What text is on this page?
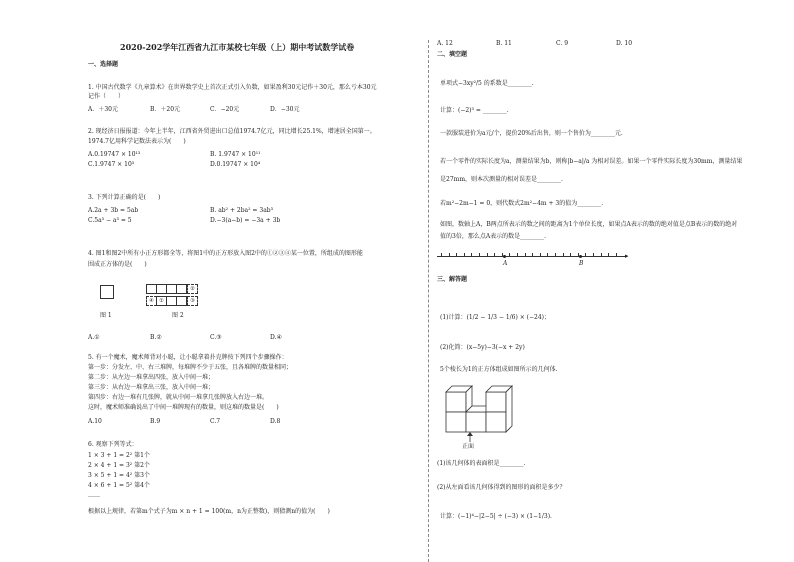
2020-202学年江西省九江市某校七年级（上）期中考试数学试卷
一、选择题
1. 中国古代数学《九章算术》在世界数学史上首次正式引入负数，如果盈利30元记作＋30元，那么亏本30元
记作（　　）
A．＋30元	B．＋20元	C．−20元	D．−30元
2. 现经济日报报道：今年上半年，江西省外贸进出口总值1974.7亿元，同比增长25.1%，增速居全国第一。
1974.7亿用科学记数法表示为(　　)
A.0.19747 × 10¹³	B. 1.9747 × 10¹¹
C.1.9747 × 10³	D.0.19747 × 10⁴
3. 下列计算正确的是(　　)
A.2a + 3b = 5ab	B. ab² + 2ba² = 3ab³
C.5a³ − a³ = 5	D.−3(a−b) = −3a + 3b
4. 图1和图2中所有小正方形都全等，将图1中的正方形放入图2中的①②③④某一位置，所组成的图形能
围成正方体的是(　　)
图 1
②
④	①	③
图 2
A.①	B.②	C.③	D.④
5. 有一个魔术，魔术师背对小聪，让小聪拿着扑克牌按下列四个步骤操作：
第一步：分发左、中、右三堆牌，每堆牌不少于五张，且各堆牌的数量相同；
第二步：从左边一堆拿出四张，放入中间一堆；
第三步：从右边一堆拿出三张，放入中间一堆；
第四步：右边一堆有几张牌，就从中间一堆拿几张牌放入右边一堆。
这时，魔术师准确说出了中间一堆牌现有的数量，则这堆的数量是(　　)
A.10	B.9	C.7	D.8
6. 观察下列等式：
1 × 3 + 1 = 2² 第1个
2 × 4 + 1 = 3² 第2个
3 × 5 + 1 = 4² 第3个
4 × 6 + 1 = 5² 第4个
……
根据以上规律，若第m个式子为m × n + 1 = 100(m，n为正整数)，则猜测n的值为(　　)
A. 12	B. 11	C. 9	D. 10
二、填空题
单项式−3xy²/5 的系数是________.
计算：(−2)³ = ________.
一款服装进价为a元/个，提价20%后出售，则一个售价为________元.
若一个零件的实际长度为a，测量结果为b，则称|b−a|/a 为相对误差。如果一个零件实际长度为30mm，测量结果
是27mm，则本次测量的相对误差是________.
若m²−2m−1 = 0，则代数式2m²−4m + 3的值为________.
如图，数轴上A，B两点所表示的数之间的距离为1个单位长度，如果点A表示的数的绝对值是点B表示的数的绝对
值的3倍，那么点A表示的数是________.
▸
A	B
三、解答题
(1)计算：(1/2 − 1/3 − 1/6) × (−24)；
(2)化简：(x−5y)−3(−x + 2y)
5个棱长为1的正方体组成如图所示的几何体.
正面
(1)该几何体的表面积是________.
(2)从左面看该几何体得到的图形的面积是多少？
计算：(−1)⁴−|2−5| ÷ (−3) × (1−1/3).
